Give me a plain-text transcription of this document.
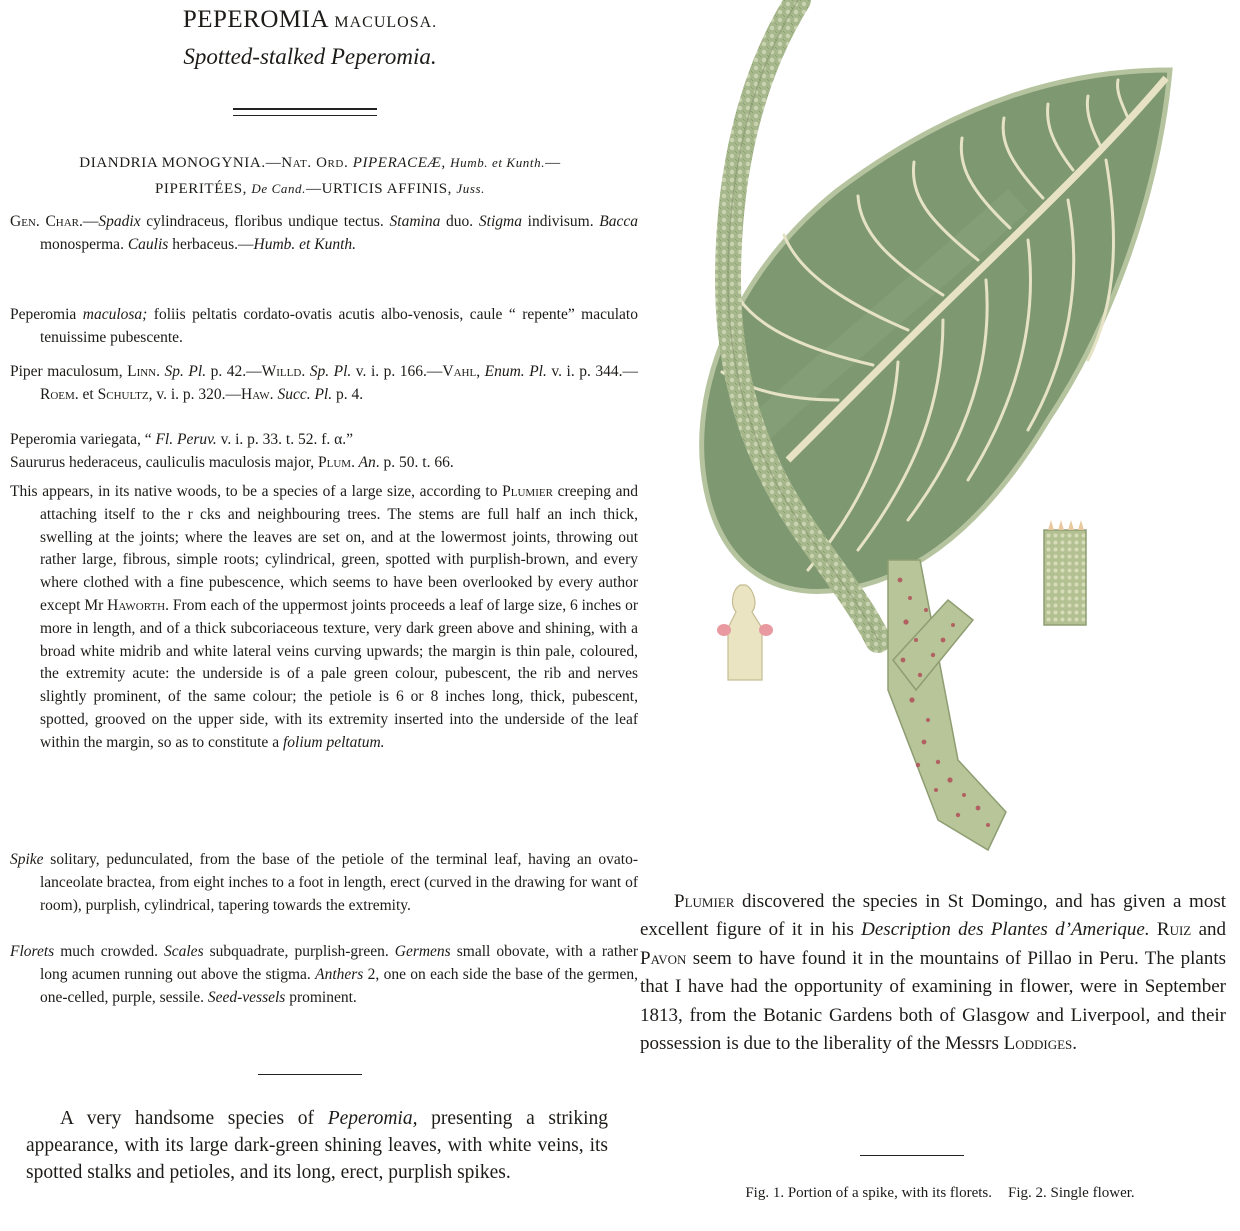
PEPEROMIA MACULOSA.
Spotted-stalked Peperomia.
DIANDRIA MONOGYNIA.—Nat. Ord. PIPERACEÆ, Humb. et Kunth.—
PIPERITÉES, De Cand.—URTICIS AFFINIS, Juss.
Gen. Char.—Spadix cylindraceus, floribus undique tectus. Stamina duo. Stigma indivisum. Bacca monosperma. Caulis herbaceus.—Humb. et Kunth.
Peperomia maculosa; foliis peltatis cordato-ovatis acutis albo-venosis, caule “ repente” maculato tenuissime pubescente.
Piper maculosum, Linn. Sp. Pl. p. 42.—Willd. Sp. Pl. v. i. p. 166.—Vahl, Enum. Pl. v. i. p. 344.—Roem. et Schultz, v. i. p. 320.—Haw. Succ. Pl. p. 4.
Peperomia variegata, “ Fl. Peruv. v. i. p. 33. t. 52. f. α.”
Saururus hederaceus, cauliculis maculosis major, Plum. An. p. 50. t. 66.
This appears, in its native woods, to be a species of a large size, according to Plumier creeping and attaching itself to the r cks and neighbouring trees. The stems are full half an inch thick, swelling at the joints; where the leaves are set on, and at the lowermost joints, throwing out rather large, fibrous, simple roots; cylindrical, green, spotted with purplish-brown, and every where clothed with a fine pubescence, which seems to have been overlooked by every author except Mr Haworth. From each of the uppermost joints proceeds a leaf of large size, 6 inches or more in length, and of a thick subcoriaceous texture, very dark green above and shining, with a broad white midrib and white lateral veins curving upwards; the margin is thin pale, coloured, the extremity acute: the underside is of a pale green colour, pubescent, the rib and nerves slightly prominent, of the same colour; the petiole is 6 or 8 inches long, thick, pubescent, spotted, grooved on the upper side, with its extremity inserted into the underside of the leaf within the margin, so as to constitute a folium peltatum.
Spike solitary, pedunculated, from the base of the petiole of the terminal leaf, having an ovato-lanceolate bractea, from eight inches to a foot in length, erect (curved in the drawing for want of room), purplish, cylindrical, tapering towards the extremity.
Florets much crowded. Scales subquadrate, purplish-green. Germens small obovate, with a rather long acumen running out above the stigma. Anthers 2, one on each side the base of the germen, one-celled, purple, sessile. Seed-vessels prominent.
A very handsome species of Peperomia, presenting a striking appearance, with its large dark-green shining leaves, with white veins, its spotted stalks and petioles, and its long, erect, purplish spikes.

Plumier discovered the species in St Domingo, and has given a most excellent figure of it in his Description des Plantes d’Amerique. Ruiz and Pavon seem to have found it in the mountains of Pillao in Peru. The plants that I have had the opportunity of examining in flower, were in September 1813, from the Botanic Gardens both of Glasgow and Liverpool, and their possession is due to the liberality of the Messrs Loddiges.

Fig. 1. Portion of a spike, with its florets. Fig. 2. Single flower.
